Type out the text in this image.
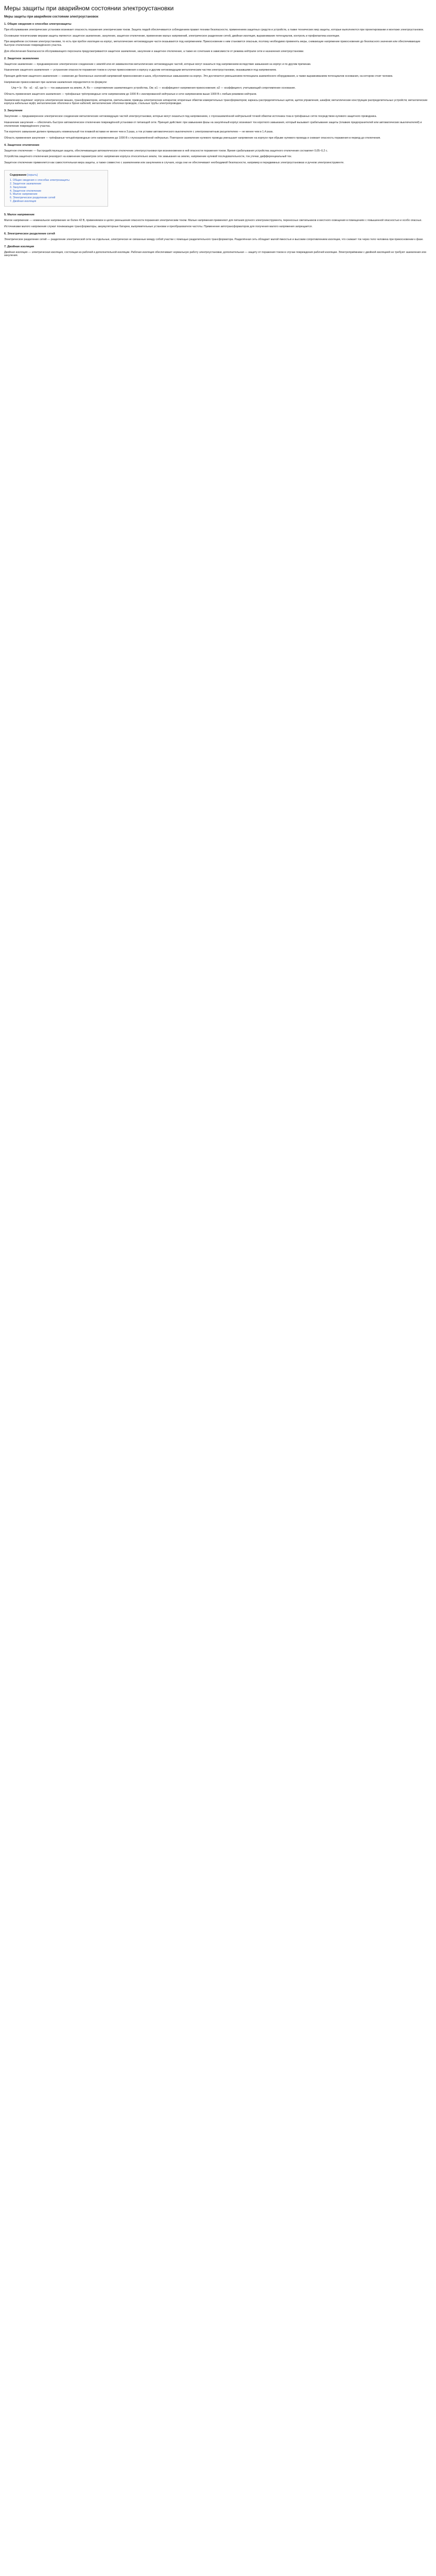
Меры защиты при аварийном состоянии электроустановки
Меры защиты при аварийном состоянии электроустановок
1. Общие сведения о способах электрозащиты

При обслуживании электрических установок возникает опасность поражения электрическим током. Защита людей обеспечивается соблюдением правил техники безопасности, применением защитных средств и устройств, а также технических мер защиты, которые выполняются при проектировании и монтаже электроустановок.

Основными техническими мерами защиты являются: защитное заземление, зануление, защитное отключение, применение малых напряжений, электрическое разделение сетей, двойная изоляция, выравнивание потенциалов, контроль и профилактика изоляции.

При аварийном состоянии электроустановки, то есть при пробое изоляции на корпус, металлические нетоковедущие части оказываются под напряжением. Прикосновение к ним становится опасным, поэтому необходимо применять меры, снижающие напряжение прикосновения до безопасного значения или обеспечивающие быстрое отключение повреждённого участка.

Для обеспечения безопасности обслуживающего персонала предусматриваются защитное заземление, зануление и защитное отключение, а также их сочетание в зависимости от режима нейтрали сети и назначения электроустановки.

2. Защитное заземление

Защитное заземление — преднамеренное электрическое соединение с землёй или её эквивалентом металлических нетоковедущих частей, которые могут оказаться под напряжением вследствие замыкания на корпус и по другим причинам.

Назначение защитного заземления — устранение опасности поражения током в случае прикосновения к корпусу и другим нетоковедущим металлическим частям электроустановки, оказавшимся под напряжением.

Принцип действия защитного заземления — снижение до безопасных значений напряжений прикосновения и шага, обусловленных замыканием на корпус. Это достигается уменьшением потенциала заземлённого оборудования, а также выравниванием потенциалов основания, на котором стоит человек.

Напряжение прикосновения при наличии заземления определяется по формуле:

Uпр = Iз · Rз · α1 · α2, где Iз — ток замыкания на землю, А; Rз — сопротивление заземляющего устройства, Ом; α1 — коэффициент напряжения прикосновения; α2 — коэффициент, учитывающий сопротивление основания.

Область применения защитного заземления — трёхфазные трёхпроводные сети напряжением до 1000 В с изолированной нейтралью и сети напряжением выше 1000 В с любым режимом нейтрали.

Заземлению подлежат: корпуса электрических машин, трансформаторов, аппаратов, светильников; приводы электрических аппаратов; вторичные обмотки измерительных трансформаторов; каркасы распределительных щитов, щитов управления, шкафов; металлические конструкции распределительных устройств; металлические корпуса кабельных муфт, металлические оболочки и броня кабелей; металлические оболочки проводов, стальные трубы электропроводки.

3. Зануление

Зануление — преднамеренное электрическое соединение металлических нетоковедущих частей электроустановки, которые могут оказаться под напряжением, с глухозаземлённой нейтральной точкой обмотки источника тока в трёхфазных сетях посредством нулевого защитного проводника.

Назначение зануления — обеспечить быстрое автоматическое отключение повреждённой установки от питающей сети. Принцип действия: при замыкании фазы на занулённый корпус возникает ток короткого замыкания, который вызывает срабатывание защиты (плавких предохранителей или автоматических выключателей) и отключение повреждённого участка.

Ток короткого замыкания должен превышать номинальный ток плавкой вставки не менее чем в 3 раза, а ток уставки автоматического выключателя с электромагнитным расцепителем — не менее чем в 1,4 раза.

Область применения зануления — трёхфазные четырёхпроводные сети напряжением до 1000 В с глухозаземлённой нейтралью. Повторное заземление нулевого провода уменьшает напряжение на корпусе при обрыве нулевого провода и снижает опасность поражения в период до отключения.

4. Защитное отключение

Защитное отключение — быстродействующая защита, обеспечивающая автоматическое отключение электроустановки при возникновении в ней опасности поражения током. Время срабатывания устройства защитного отключения составляет 0,05–0,2 с.

Устройства защитного отключения реагируют на изменение параметров сети: напряжение корпуса относительно земли, ток замыкания на землю, напряжение нулевой последовательности, ток утечки, дифференциальный ток.

Защитное отключение применяется как самостоятельная мера защиты, а также совместно с заземлением или занулением в случаях, когда они не обеспечивают необходимой безопасности, например в передвижных электроустановках и ручном электроинструменте.

Содержание [скрыть]
1. Общие сведения о способах электрозащиты
2. Защитное заземление
3. Зануление
4. Защитное отключение
5. Малое напряжение
6. Электрическое разделение сетей
7. Двойная изоляция
5. Малое напряжение

Малое напряжение — номинальное напряжение не более 42 В, применяемое в целях уменьшения опасности поражения электрическим током. Малые напряжения применяют для питания ручного электроинструмента, переносных светильников и местного освещения в помещениях с повышенной опасностью и особо опасных.

Источниками малого напряжения служат понижающие трансформаторы, аккумуляторные батареи, выпрямительные установки и преобразователи частоты. Применение автотрансформаторов для получения малого напряжения запрещается.

6. Электрическое разделение сетей

Электрическое разделение сетей — разделение электрической сети на отдельные, электрически не связанные между собой участки с помощью разделительного трансформатора. Разделённая сеть обладает малой ёмкостью и высоким сопротивлением изоляции, что снижает ток через тело человека при прикосновении к фазе.

7. Двойная изоляция

Двойная изоляция — электрическая изоляция, состоящая из рабочей и дополнительной изоляции. Рабочая изоляция обеспечивает нормальную работу электроустановки, дополнительная — защиту от поражения током в случае повреждения рабочей изоляции. Электроприёмники с двойной изоляцией не требуют заземления или зануления.
